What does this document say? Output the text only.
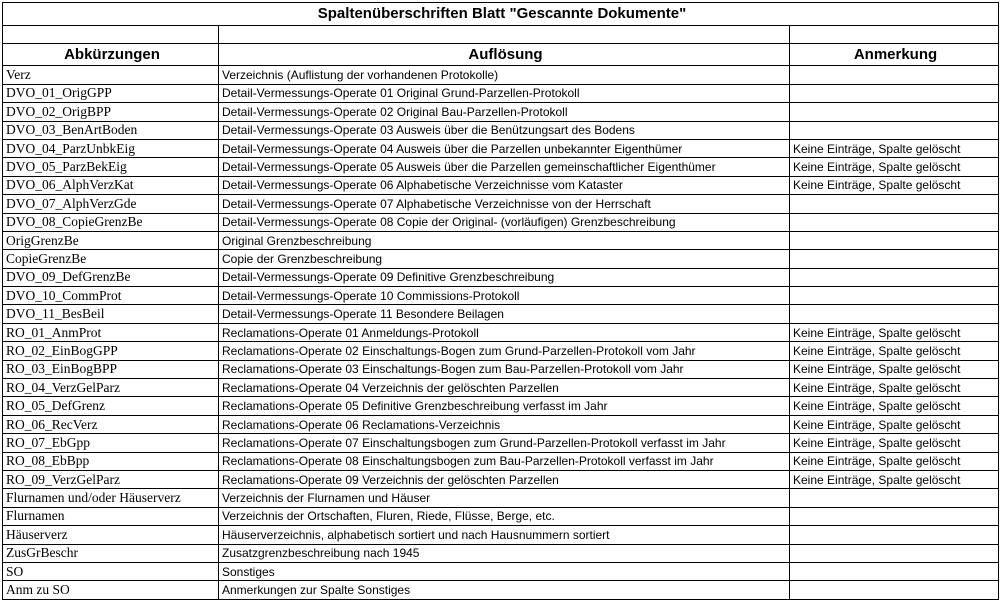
Spaltenüberschriften Blatt "Gescannte Dokumente"		

Abkürzungen	Auflösung	Anmerkung
Verz	Verzeichnis (Auflistung der vorhandenen Protokolle)	
DVO_01_OrigGPP	Detail-Vermessungs-Operate 01 Original Grund-Parzellen-Protokoll	
DVO_02_OrigBPP	Detail-Vermessungs-Operate 02 Original Bau-Parzellen-Protokoll	
DVO_03_BenArtBoden	Detail-Vermessungs-Operate 03 Ausweis über die Benützungsart des Bodens	
DVO_04_ParzUnbkEig	Detail-Vermessungs-Operate 04 Ausweis über die Parzellen unbekannter Eigenthümer	Keine Einträge, Spalte gelöscht
DVO_05_ParzBekEig	Detail-Vermessungs-Operate 05 Ausweis über die Parzellen gemeinschaftlicher Eigenthümer	Keine Einträge, Spalte gelöscht
DVO_06_AlphVerzKat	Detail-Vermessungs-Operate 06 Alphabetische Verzeichnisse vom Kataster	Keine Einträge, Spalte gelöscht
DVO_07_AlphVerzGde	Detail-Vermessungs-Operate 07 Alphabetische Verzeichnisse von der Herrschaft	
DVO_08_CopieGrenzBe	Detail-Vermessungs-Operate 08 Copie der Original- (vorläufigen) Grenzbeschreibung	
OrigGrenzBe	Original Grenzbeschreibung	
CopieGrenzBe	Copie der Grenzbeschreibung	
DVO_09_DefGrenzBe	Detail-Vermessungs-Operate 09 Definitive Grenzbeschreibung	
DVO_10_CommProt	Detail-Vermessungs-Operate 10 Commissions-Protokoll	
DVO_11_BesBeil	Detail-Vermessungs-Operate 11 Besondere Beilagen	
RO_01_AnmProt	Reclamations-Operate 01 Anmeldungs-Protokoll	Keine Einträge, Spalte gelöscht
RO_02_EinBogGPP	Reclamations-Operate 02 Einschaltungs-Bogen zum Grund-Parzellen-Protokoll vom Jahr	Keine Einträge, Spalte gelöscht
RO_03_EinBogBPP	Reclamations-Operate 03 Einschaltungs-Bogen zum Bau-Parzellen-Protokoll vom Jahr	Keine Einträge, Spalte gelöscht
RO_04_VerzGelParz	Reclamations-Operate 04 Verzeichnis der gelöschten Parzellen	Keine Einträge, Spalte gelöscht
RO_05_DefGrenz	Reclamations-Operate 05 Definitive Grenzbeschreibung verfasst im Jahr	Keine Einträge, Spalte gelöscht
RO_06_RecVerz	Reclamations-Operate 06 Reclamations-Verzeichnis	Keine Einträge, Spalte gelöscht
RO_07_EbGpp	Reclamations-Operate 07 Einschaltungsbogen zum Grund-Parzellen-Protokoll verfasst im Jahr	Keine Einträge, Spalte gelöscht
RO_08_EbBpp	Reclamations-Operate 08 Einschaltungsbogen zum Bau-Parzellen-Protokoll verfasst im Jahr	Keine Einträge, Spalte gelöscht
RO_09_VerzGelParz	Reclamations-Operate 09 Verzeichnis der gelöschten Parzellen	Keine Einträge, Spalte gelöscht
Flurnamen und/oder Häuserverz	Verzeichnis der Flurnamen und Häuser	
Flurnamen	Verzeichnis der Ortschaften, Fluren, Riede, Flüsse, Berge, etc.	
Häuserverz	Häuserverzeichnis, alphabetisch sortiert und nach Hausnummern sortiert	
ZusGrBeschr	Zusatzgrenzbeschreibung nach 1945	
SO	Sonstiges	
Anm zu SO	Anmerkungen zur Spalte Sonstiges	
